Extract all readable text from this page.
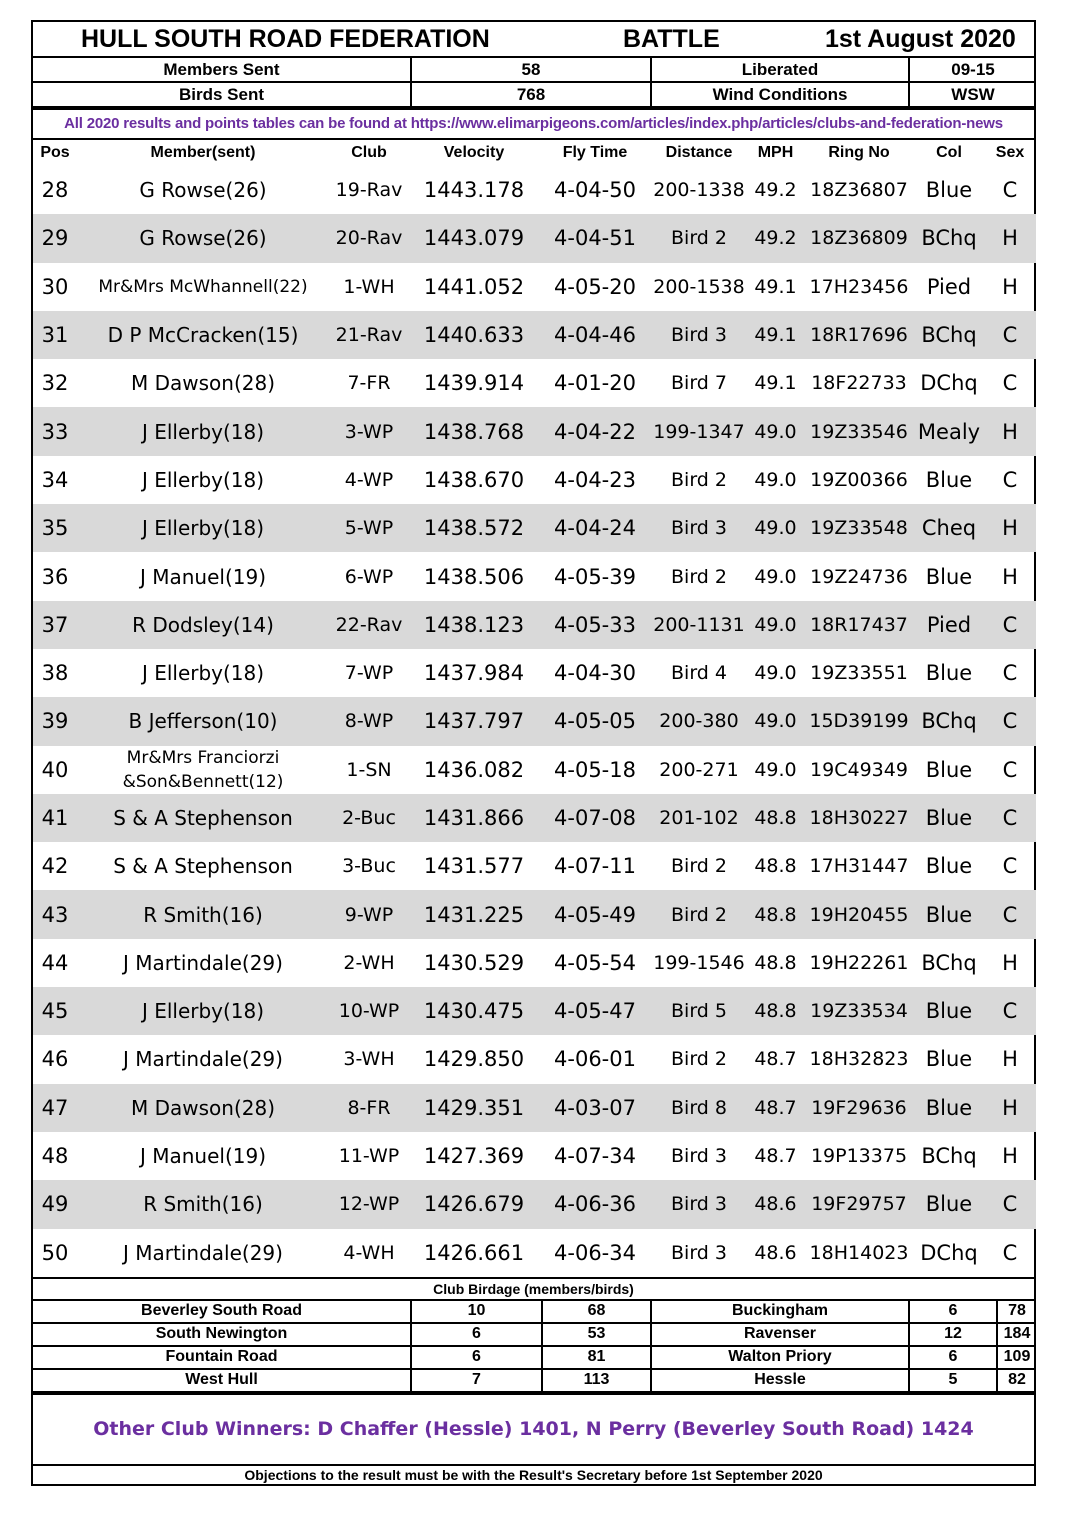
HULL SOUTH ROAD FEDERATION	BATTLE	1st August 2020
Members Sent	58	Liberated	09-15
Birds Sent	768	Wind Conditions	WSW
All 2020 results and points tables can be found at https://www.elimarpigeons.com/articles/index.php/articles/clubs-and-federation-news
Pos	Member(sent)	Club	Velocity	Fly Time	Distance	MPH	Ring No	Col	Sex
28	G Rowse(26)	19-Rav	1443.178	4-04-50	200-1338	49.2	18Z36807	Blue	C
29	G Rowse(26)	20-Rav	1443.079	4-04-51	Bird 2	49.2	18Z36809	BChq	H
30	Mr&Mrs McWhannell(22)	1-WH	1441.052	4-05-20	200-1538	49.1	17H23456	Pied	H
31	D P McCracken(15)	21-Rav	1440.633	4-04-46	Bird 3	49.1	18R17696	BChq	C
32	M Dawson(28)	7-FR	1439.914	4-01-20	Bird 7	49.1	18F22733	DChq	C
33	J Ellerby(18)	3-WP	1438.768	4-04-22	199-1347	49.0	19Z33546	Mealy	H
34	J Ellerby(18)	4-WP	1438.670	4-04-23	Bird 2	49.0	19Z00366	Blue	C
35	J Ellerby(18)	5-WP	1438.572	4-04-24	Bird 3	49.0	19Z33548	Cheq	H
36	J Manuel(19)	6-WP	1438.506	4-05-39	Bird 2	49.0	19Z24736	Blue	H
37	R Dodsley(14)	22-Rav	1438.123	4-05-33	200-1131	49.0	18R17437	Pied	C
38	J Ellerby(18)	7-WP	1437.984	4-04-30	Bird 4	49.0	19Z33551	Blue	C
39	B Jefferson(10)	8-WP	1437.797	4-05-05	200-380	49.0	15D39199	BChq	C
40	Mr&Mrs Franciorzi &Son&Bennett(12)	1-SN	1436.082	4-05-18	200-271	49.0	19C49349	Blue	C
41	S & A Stephenson	2-Buc	1431.866	4-07-08	201-102	48.8	18H30227	Blue	C
42	S & A Stephenson	3-Buc	1431.577	4-07-11	Bird 2	48.8	17H31447	Blue	C
43	R Smith(16)	9-WP	1431.225	4-05-49	Bird 2	48.8	19H20455	Blue	C
44	J Martindale(29)	2-WH	1430.529	4-05-54	199-1546	48.8	19H22261	BChq	H
45	J Ellerby(18)	10-WP	1430.475	4-05-47	Bird 5	48.8	19Z33534	Blue	C
46	J Martindale(29)	3-WH	1429.850	4-06-01	Bird 2	48.7	18H32823	Blue	H
47	M Dawson(28)	8-FR	1429.351	4-03-07	Bird 8	48.7	19F29636	Blue	H
48	J Manuel(19)	11-WP	1427.369	4-07-34	Bird 3	48.7	19P13375	BChq	H
49	R Smith(16)	12-WP	1426.679	4-06-36	Bird 3	48.6	19F29757	Blue	C
50	J Martindale(29)	4-WH	1426.661	4-06-34	Bird 3	48.6	18H14023	DChq	C
Club Birdage (members/birds)
Beverley South Road	10	68	Buckingham	6	78
South Newington	6	53	Ravenser	12	184
Fountain Road	6	81	Walton Priory	6	109
West Hull	7	113	Hessle	5	82
Other Club Winners: D Chaffer (Hessle) 1401, N Perry (Beverley South Road) 1424
Objections to the result must be with the Result's Secretary before 1st September 2020
